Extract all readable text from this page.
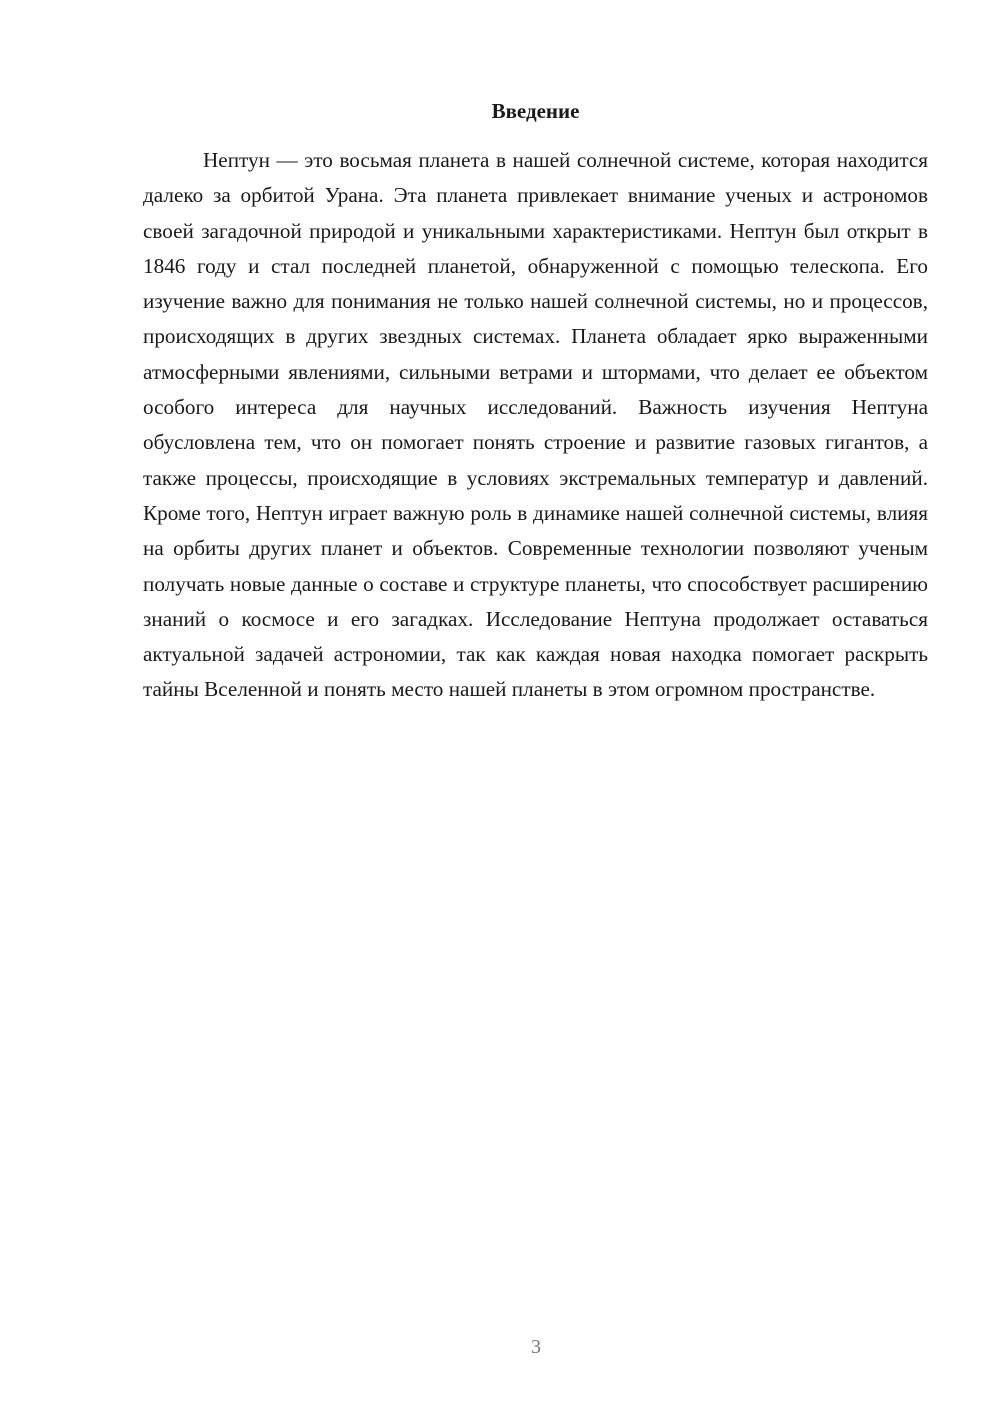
Введение

Нептун — это восьмая планета в нашей солнечной системе, которая находится далеко за орбитой Урана. Эта планета привлекает внимание ученых и астрономов своей загадочной природой и уникальными характеристиками. Нептун был открыт в 1846 году и стал последней планетой, обнаруженной с помощью телескопа. Его изучение важно для понимания не только нашей солнечной системы, но и процессов, происходящих в других звездных системах. Планета обладает ярко выраженными атмосферными явлениями, сильными ветрами и штормами, что делает ее объектом особого интереса для научных исследований. Важность изучения Нептуна обусловлена тем, что он помогает понять строение и развитие газовых гигантов, а также процессы, происходящие в условиях экстремальных температур и давлений. Кроме того, Нептун играет важную роль в динамике нашей солнечной системы, влияя на орбиты других планет и объектов. Современные технологии позволяют ученым получать новые данные о составе и структуре планеты, что способствует расширению знаний о космосе и его загадках. Исследование Нептуна продолжает оставаться актуальной задачей астрономии, так как каждая новая находка помогает раскрыть тайны Вселенной и понять место нашей планеты в этом огромном пространстве.

3
